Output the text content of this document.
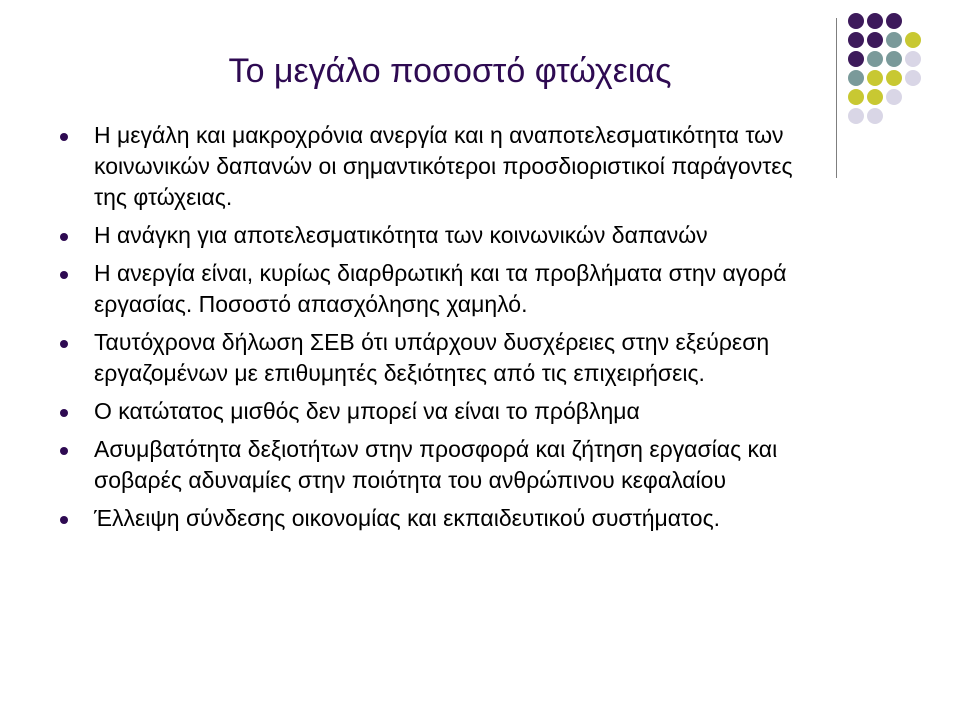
Το μεγάλο ποσοστό φτώχειας
Η μεγάλη και μακροχρόνια ανεργία και η αναποτελεσματικότητα των κοινωνικών δαπανών οι σημαντικότεροι προσδιοριστικοί παράγοντες της φτώχειας.
Η ανάγκη για αποτελεσματικότητα των κοινωνικών δαπανών
Η ανεργία είναι, κυρίως διαρθρωτική και τα προβλήματα στην αγορά εργασίας. Ποσοστό απασχόλησης χαμηλό.
Ταυτόχρονα δήλωση ΣΕΒ ότι υπάρχουν δυσχέρειες στην εξεύρεση εργαζομένων με επιθυμητές δεξιότητες από τις επιχειρήσεις.
Ο κατώτατος μισθός δεν μπορεί να είναι το πρόβλημα
Ασυμβατότητα δεξιοτήτων στην προσφορά και ζήτηση εργασίας και σοβαρές αδυναμίες στην ποιότητα του ανθρώπινου κεφαλαίου
Έλλειψη σύνδεσης οικονομίας και εκπαιδευτικού συστήματος.
